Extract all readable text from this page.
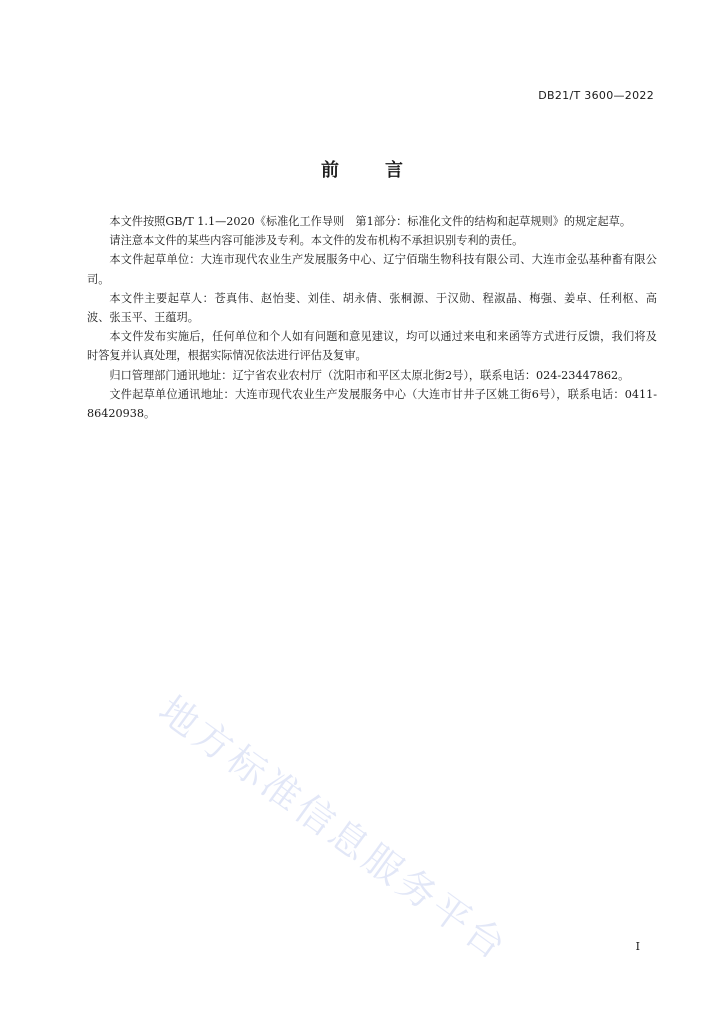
DB21/T 3600—2022
前言

本文件按照GB/T 1.1—2020《标准化工作导则　第1部分：标准化文件的结构和起草规则》的规定起草。

请注意本文件的某些内容可能涉及专利。本文件的发布机构不承担识别专利的责任。

本文件起草单位：大连市现代农业生产发展服务中心、辽宁佰瑞生物科技有限公司、大连市金弘基种畜有限公司。

本文件主要起草人：苍真伟、赵怡斐、刘佳、胡永倩、张桐源、于汉勋、程淑晶、梅强、姜卓、任利枢、高波、张玉平、王蕴玥。

本文件发布实施后，任何单位和个人如有问题和意见建议，均可以通过来电和来函等方式进行反馈，我们将及时答复并认真处理，根据实际情况依法进行评估及复审。

归口管理部门通讯地址：辽宁省农业农村厅（沈阳市和平区太原北街2号），联系电话：024-23447862。

文件起草单位通讯地址：大连市现代农业生产发展服务中心（大连市甘井子区姚工街6号），联系电话：0411-86420938。

地方标准信息服务平台	I
